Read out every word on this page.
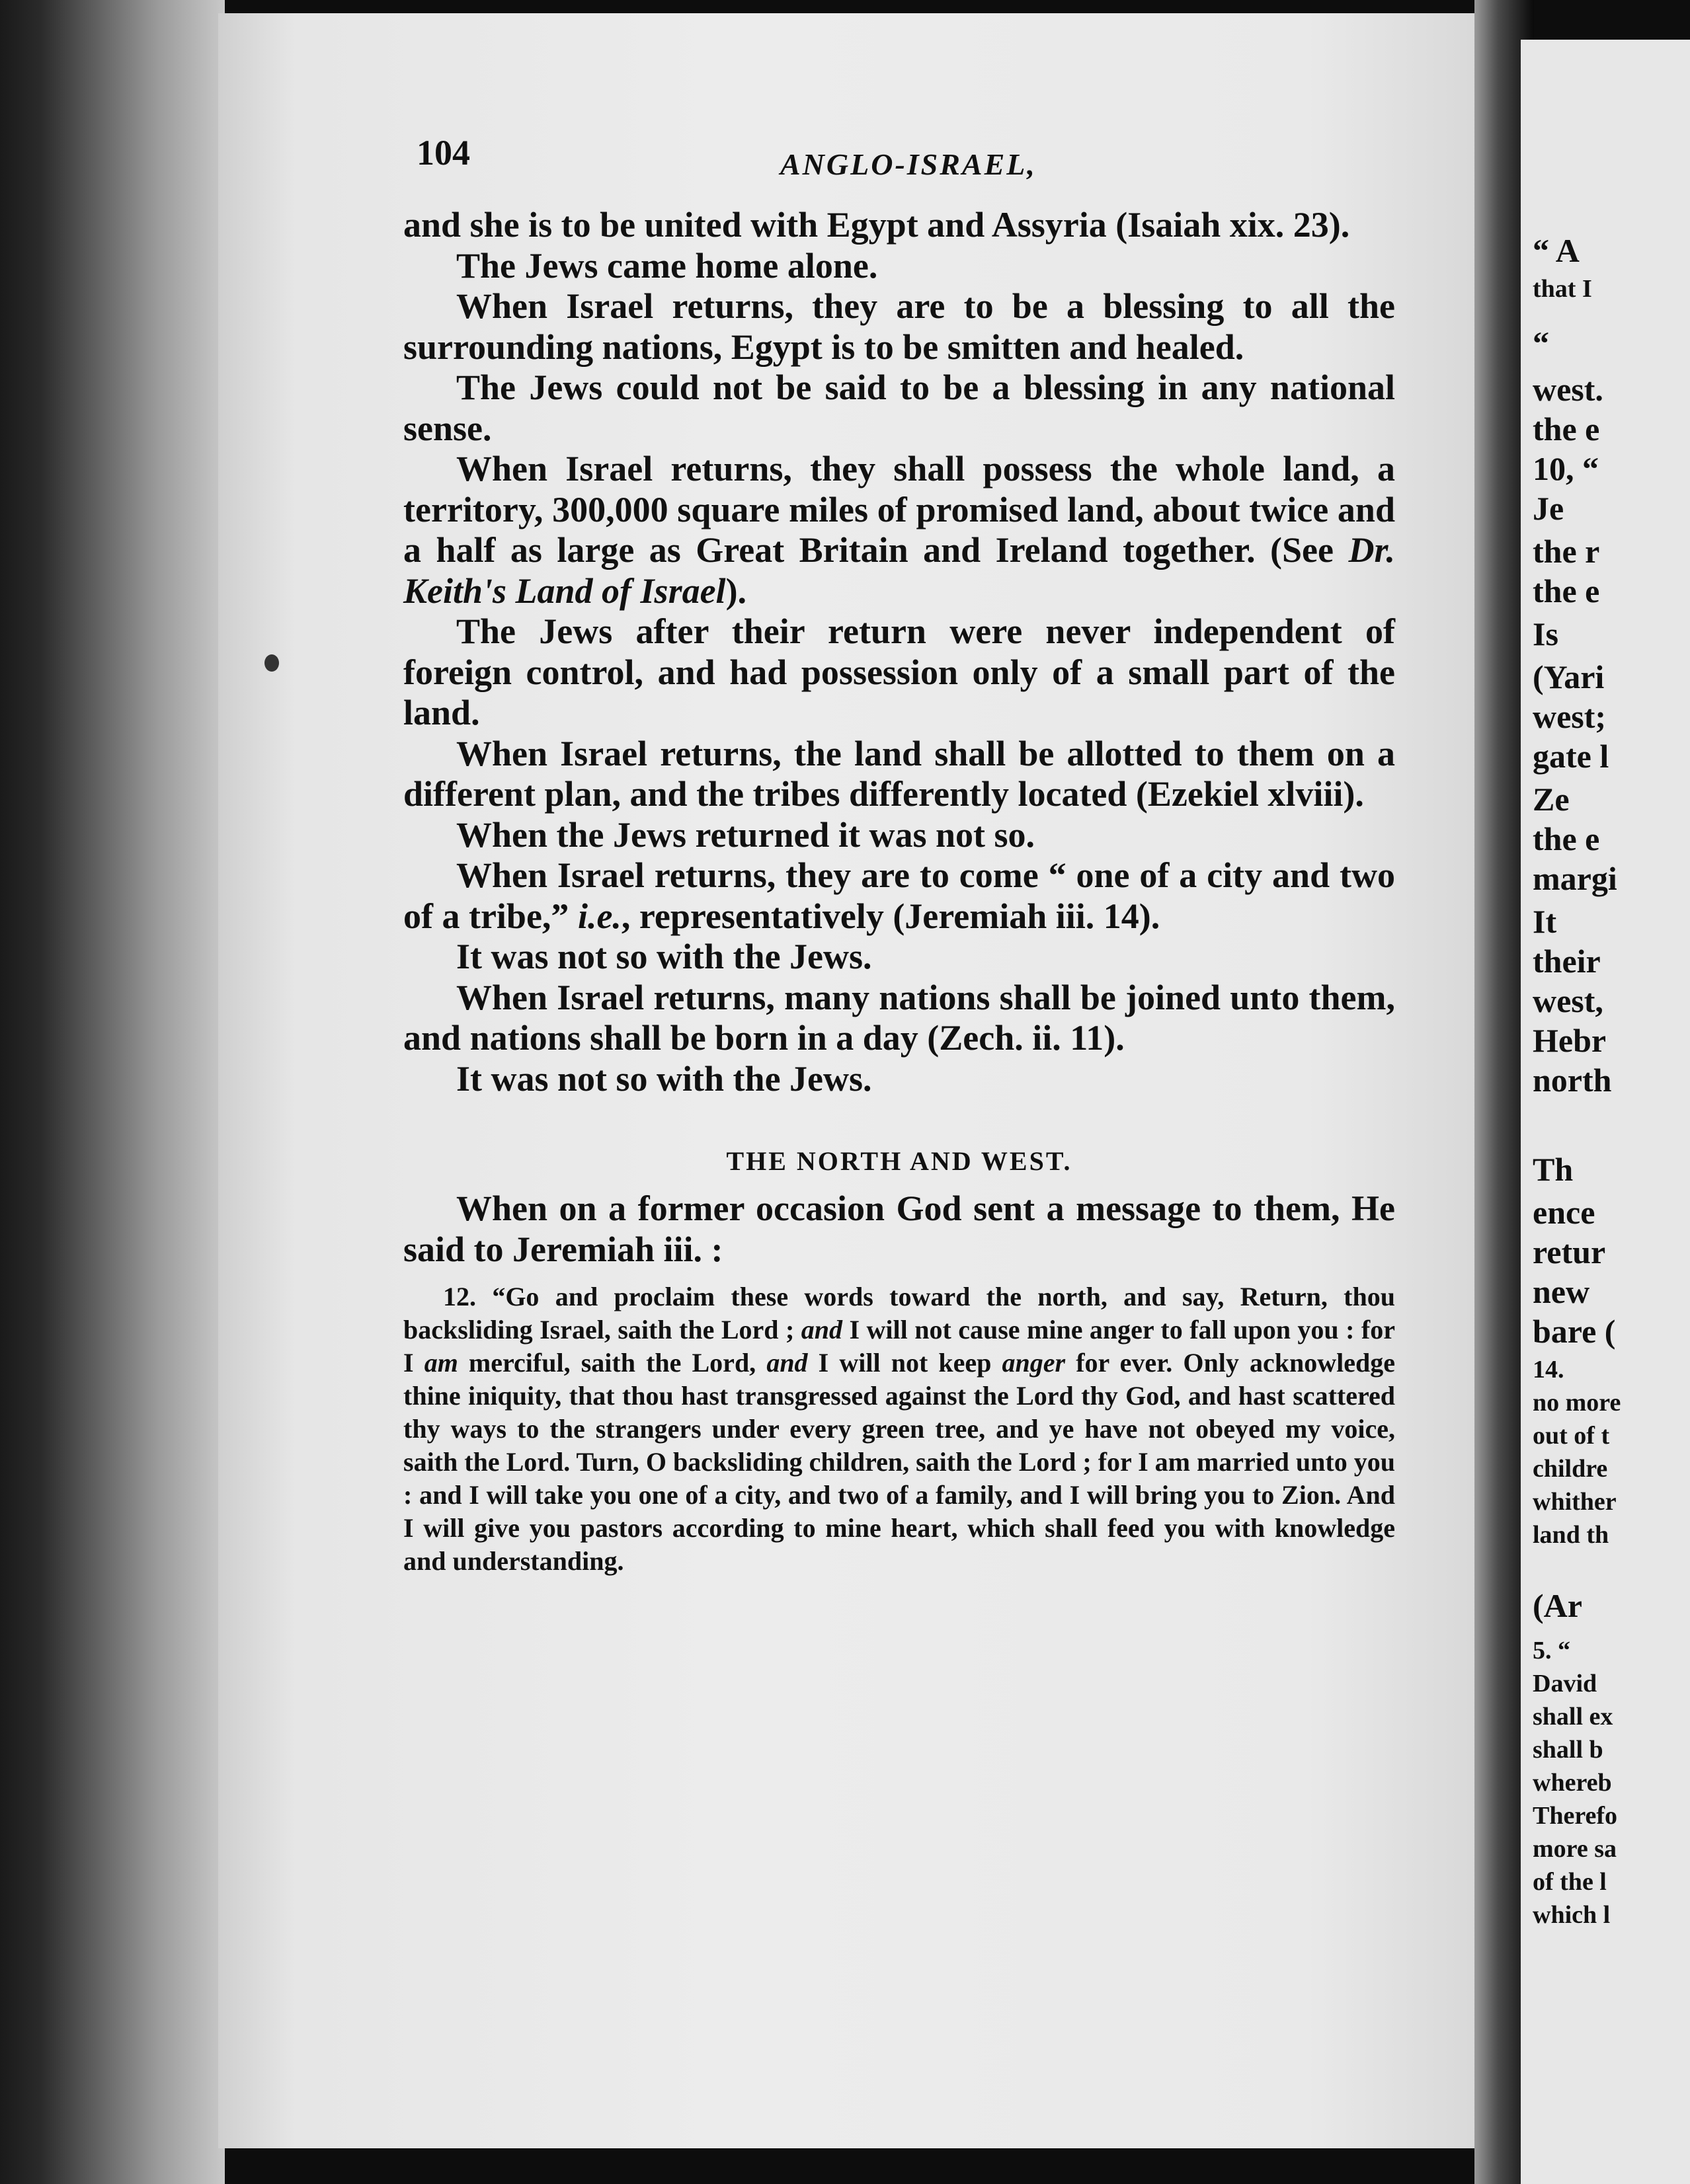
“ A
that I
“
west.
the e
10, “
Je
the r
the e
Is
(Yari
west;
gate l
Ze
the e
margi
It
their
west,
Hebr
north
Th
ence
retur
new
bare (
14.
no more
out of t
childre
whither
land th
(Ar
5. “
David
shall ex
shall b
whereb
Therefo
more sa
of the l
which l
104	ANGLO-ISRAEL,

and she is to be united with Egypt and Assyria (Isaiah xix. 23).

The Jews came home alone.

When Israel returns, they are to be a blessing to all the surrounding nations, Egypt is to be smitten and healed.

The Jews could not be said to be a blessing in any national sense.

When Israel returns, they shall possess the whole land, a territory, 300,000 square miles of promised land, about twice and a half as large as Great Britain and Ireland together. (See Dr. Keith's Land of Israel).

The Jews after their return were never independent of foreign control, and had possession only of a small part of the land.

When Israel returns, the land shall be allotted to them on a different plan, and the tribes differently located (Ezekiel xlviii).

When the Jews returned it was not so.

When Israel returns, they are to come “ one of a city and two of a tribe,” i.e., representatively (Jeremiah iii. 14).

It was not so with the Jews.

When Israel returns, many nations shall be joined unto them, and nations shall be born in a day (Zech. ii. 11).

It was not so with the Jews.

THE NORTH AND WEST.

When on a former occasion God sent a message to them, He said to Jeremiah iii. :

12. “Go and proclaim these words toward the north, and say, Return, thou backsliding Israel, saith the Lord ; and I will not cause mine anger to fall upon you : for I am merciful, saith the Lord, and I will not keep anger for ever. Only acknowledge thine iniquity, that thou hast transgressed against the Lord thy God, and hast scattered thy ways to the strangers under every green tree, and ye have not obeyed my voice, saith the Lord. Turn, O backsliding children, saith the Lord ; for I am married unto you : and I will take you one of a city, and two of a family, and I will bring you to Zion. And I will give you pastors according to mine heart, which shall feed you with knowledge and understanding.
